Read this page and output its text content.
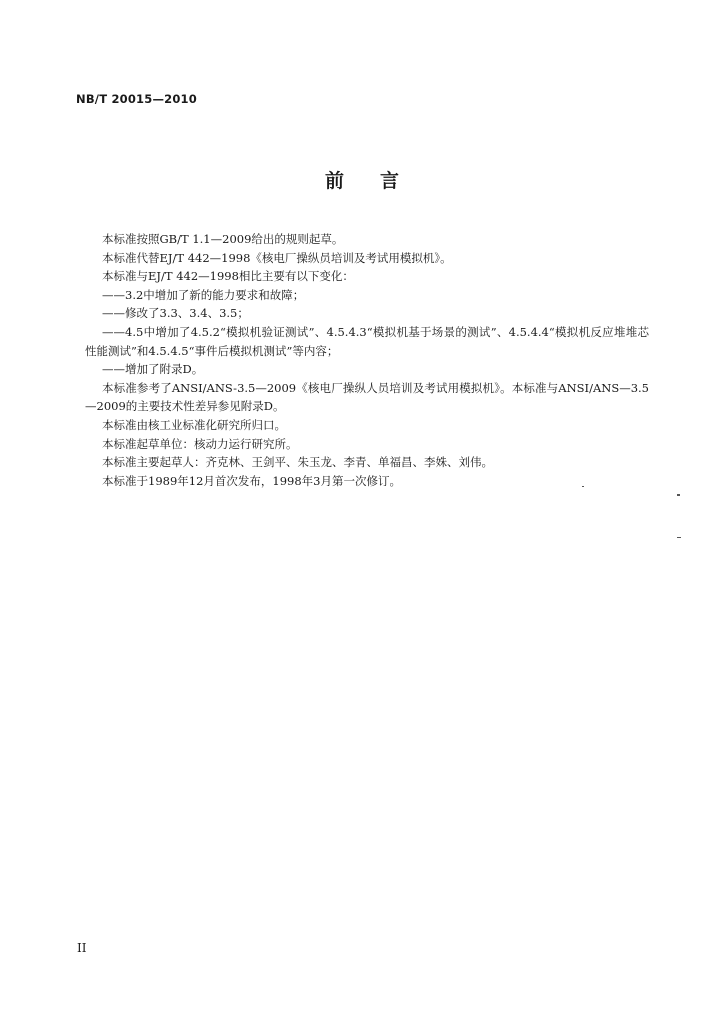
NB/T 20015—2010
前言

本标准按照GB/T 1.1—2009给出的规则起草。

本标准代替EJ/T 442—1998《核电厂操纵员培训及考试用模拟机》。

本标准与EJ/T 442—1998相比主要有以下变化：

——3.2中增加了新的能力要求和故障；

——修改了3.3、3.4、3.5；

——4.5中增加了4.5.2“模拟机验证测试”、4.5.4.3“模拟机基于场景的测试”、4.5.4.4“模拟机反应堆堆芯性能测试”和4.5.4.5“事件后模拟机测试”等内容；

——增加了附录D。

本标准参考了ANSI/ANS-3.5—2009《核电厂操纵人员培训及考试用模拟机》。本标准与ANSI/ANS—3.5—2009的主要技术性差异参见附录D。

本标准由核工业标准化研究所归口。

本标准起草单位：核动力运行研究所。

本标准主要起草人：齐克林、王剑平、朱玉龙、李青、单福昌、李姝、刘伟。

本标准于1989年12月首次发布，1998年3月第一次修订。

II
